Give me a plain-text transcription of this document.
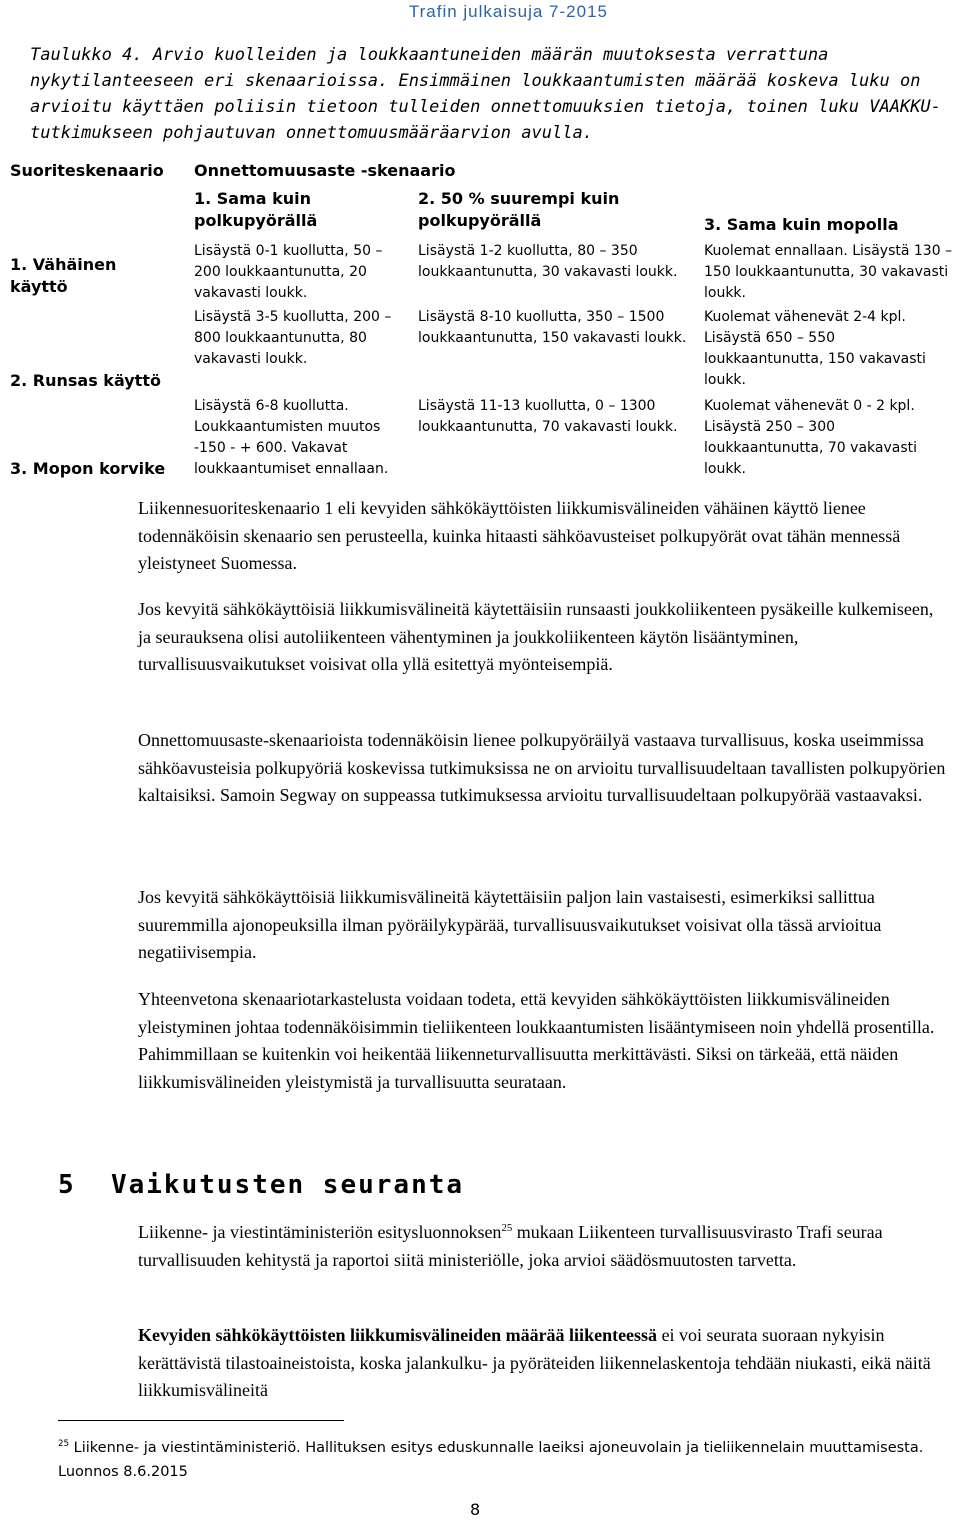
Trafin julkaisuja 7-2015
Taulukko 4. Arvio kuolleiden ja loukkaantuneiden määrän muutoksesta verrattuna nykytilanteeseen eri skenaarioissa. Ensimmäinen loukkaantumisten määrää koskeva luku on arvioitu käyttäen poliisin tietoon tulleiden onnettomuuksien tietoja, toinen luku VAAKKU-tutkimukseen pohjautuvan onnettomuusmääräarvion avulla.
Suoriteskenaario Onnettomuusaste -skenaario
1. Sama kuin polkupyörällä
2. 50 % suurempi kuin polkupyörällä	3. Sama kuin mopolla
1. Vähäinen käyttö
2. Runsas käyttö
3. Mopon korvike
Lisäystä 0-1 kuollutta, 50 – 200 loukkaantunutta, 20 vakavasti loukk.
Lisäystä 1-2 kuollutta, 80 – 350 loukkaantunutta, 30 vakavasti loukk.
Kuolemat ennallaan. Lisäystä 130 – 150 loukkaantunutta, 30 vakavasti loukk.
Lisäystä 3-5 kuollutta, 200 – 800 loukkaantunutta, 80 vakavasti loukk.
Lisäystä 8-10 kuollutta, 350 – 1500 loukkaantunutta, 150 vakavasti loukk.
Kuolemat vähenevät 2-4 kpl. Lisäystä 650 – 550 loukkaantunutta, 150 vakavasti loukk.
Lisäystä 6-8 kuollutta. Loukkaantumisten muutos -150 - + 600. Vakavat loukkaantumiset ennallaan.
Lisäystä 11-13 kuollutta, 0 – 1300 loukkaantunutta, 70 vakavasti loukk.
Kuolemat vähenevät 0 - 2 kpl. Lisäystä 250 – 300 loukkaantunutta, 70 vakavasti loukk.
Liikennesuoriteskenaario 1 eli kevyiden sähkökäyttöisten liikkumisvälineiden vähäinen käyttö lienee todennäköisin skenaario sen perusteella, kuinka hitaasti sähköavusteiset polkupyörät ovat tähän mennessä yleistyneet Suomessa.
Jos kevyitä sähkökäyttöisiä liikkumisvälineitä käytettäisiin runsaasti joukkoliikenteen pysäkeille kulkemiseen, ja seurauksena olisi autoliikenteen vähentyminen ja joukkoliikenteen käytön lisääntyminen, turvallisuusvaikutukset voisivat olla yllä esitettyä myönteisempiä.
Onnettomuusaste-skenaarioista todennäköisin lienee polkupyöräilyä vastaava turvallisuus, koska useimmissa sähköavusteisia polkupyöriä koskevissa tutkimuksissa ne on arvioitu turvallisuudeltaan tavallisten polkupyörien kaltaisiksi. Samoin Segway on suppeassa tutkimuksessa arvioitu turvallisuudeltaan polkupyörää vastaavaksi.
Jos kevyitä sähkökäyttöisiä liikkumisvälineitä käytettäisiin paljon lain vastaisesti, esimerkiksi sallittua suuremmilla ajonopeuksilla ilman pyöräilykypärää, turvallisuusvaikutukset voisivat olla tässä arvioitua negatiivisempia.
Yhteenvetona skenaariotarkastelusta voidaan todeta, että kevyiden sähkökäyttöisten liikkumisvälineiden yleistyminen johtaa todennäköisimmin tieliikenteen loukkaantumisten lisääntymiseen noin yhdellä prosentilla. Pahimmillaan se kuitenkin voi heikentää liikenneturvallisuutta merkittävästi. Siksi on tärkeää, että näiden liikkumisvälineiden yleistymistä ja turvallisuutta seurataan.
5 Vaikutusten seuranta
Liikenne- ja viestintäministeriön esitysluonnoksen$^{25}$ mukaan Liikenteen turvallisuusvirasto Trafi seuraa turvallisuuden kehitystä ja raportoi siitä ministeriölle, joka arvioi säädösmuutosten tarvetta.
Kevyiden sähkökäyttöisten liikkumisvälineiden määrää liikenteessä ei voi seurata suoraan nykyisin kerättävistä tilastoaineistoista, koska jalankulku- ja pyöräteiden liikennelaskentoja tehdään niukasti, eikä näitä liikkumisvälineitä
$^{25}$ Liikenne- ja viestintäministeriö. Hallituksen esitys eduskunnalle laeiksi ajoneuvolain ja tieliikennelain muuttamisesta. Luonnos 8.6.2015
8
